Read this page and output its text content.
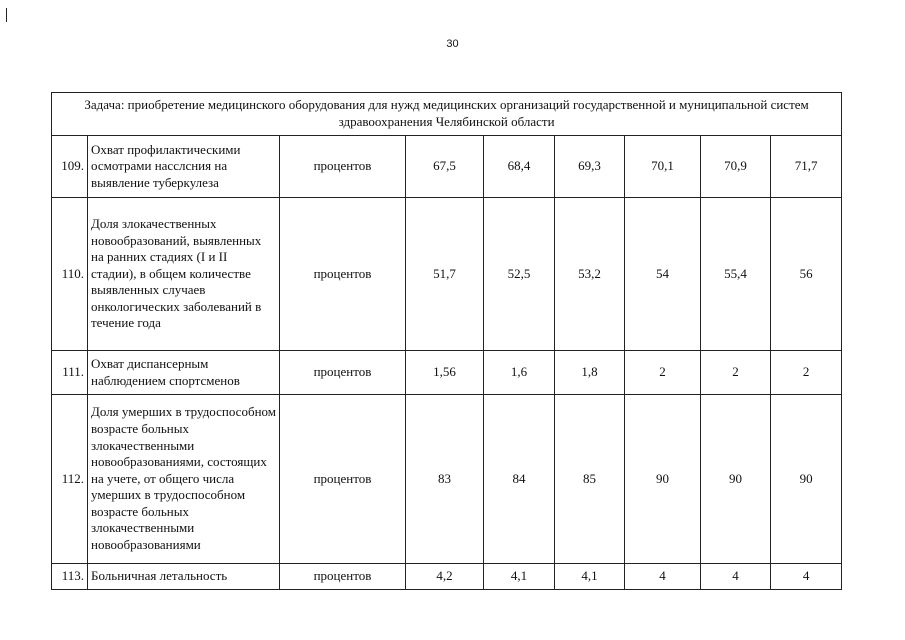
30
Задача: приобретение медицинского оборудования для нужд медицинских организаций государственной и муниципальной систем здравоохранения Челябинской области								
109.	Охват профилактическими осмотрами насслсния на выявление туберкулеза	процентов	67,5	68,4	69,3	70,1	70,9	71,7
110.	Доля злокачественных новообразований, выявленных на ранних стадиях (I и II стадии), в общем количестве выявленных случаев онкологических заболеваний в течение года	процентов	51,7	52,5	53,2	54	55,4	56
111.	Охват диспансерным наблюдением спортсменов	процентов	1,56	1,6	1,8	2	2	2
112.	Доля умерших в трудоспособном возрасте больных злокачественными новообразованиями, состоящих на учете, от общего числа умерших в трудоспособном возрасте больных злокачественными новообразованиями	процентов	83	84	85	90	90	90
113.	Больничная летальность	процентов	4,2	4,1	4,1	4	4	4
